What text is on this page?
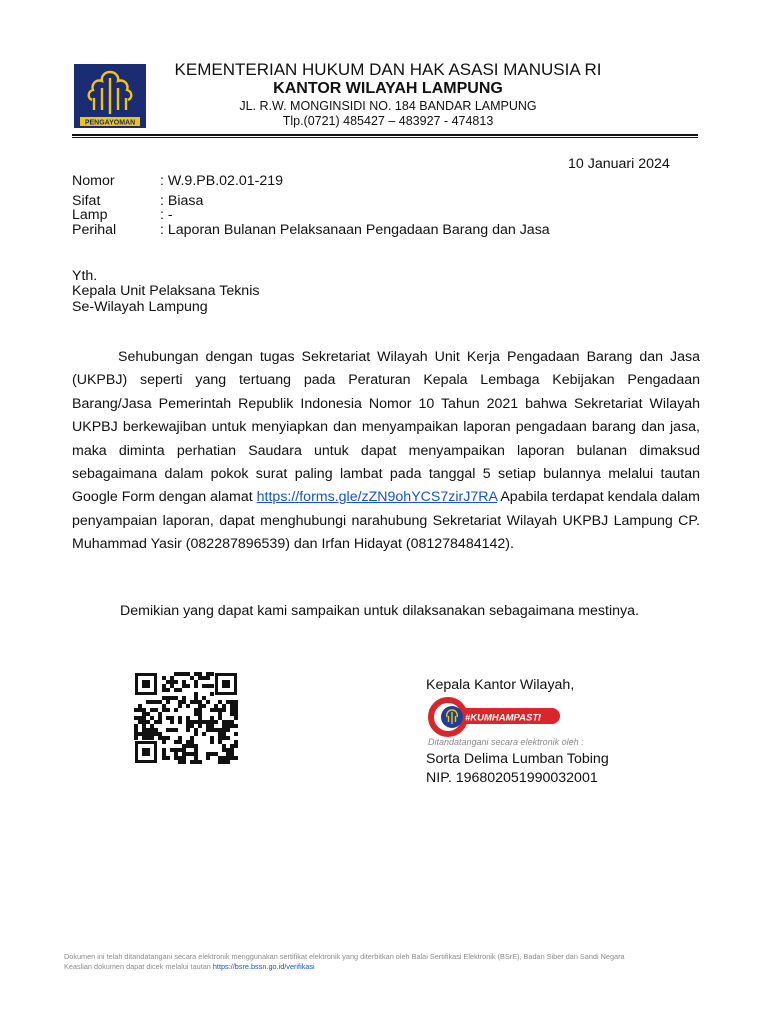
PENGAYOMAN
KEMENTERIAN HUKUM DAN HAK ASASI MANUSIA RI
KANTOR WILAYAH LAMPUNG
JL. R.W. MONGINSIDI NO. 184 BANDAR LAMPUNG
Tlp.(0721) 485427 – 483927 - 474813
10 Januari 2024
Nomor	: W.9.PB.02.01-219
Sifat	: Biasa
Lamp	: -
Perihal	: Laporan Bulanan Pelaksanaan Pengadaan Barang dan Jasa
Yth.
Kepala Unit Pelaksana Teknis
Se-Wilayah Lampung

Sehubungan dengan tugas Sekretariat Wilayah Unit Kerja Pengadaan Barang dan Jasa (UKPBJ) seperti yang tertuang pada Peraturan Kepala Lembaga Kebijakan Pengadaan Barang/Jasa Pemerintah Republik Indonesia Nomor 10 Tahun 2021 bahwa Sekretariat Wilayah UKPBJ berkewajiban untuk menyiapkan dan menyampaikan laporan pengadaan barang dan jasa, maka diminta perhatian Saudara untuk dapat menyampaikan laporan bulanan dimaksud sebagaimana dalam pokok surat paling lambat pada tanggal 5 setiap bulannya melalui tautan Google Form dengan alamat https://forms.gle/zZN9ohYCS7zirJ7RA Apabila terdapat kendala dalam penyampaian laporan, dapat menghubungi narahubung Sekretariat Wilayah UKPBJ Lampung CP. Muhammad Yasir (082287896539) dan Irfan Hidayat (081278484142).

Demikian yang dapat kami sampaikan untuk dilaksanakan sebagaimana mestinya.
Kepala Kantor Wilayah,
#KUMHAMPASTI
Ditandatangani secara elektronik oleh :
Sorta Delima Lumban Tobing
NIP. 196802051990032001
Dokumen ini telah ditandatangani secara elektronik menggunakan sertifikat elektronik yang diterbitkan oleh Balai Sertifikasi Elektronik (BSrE), Badan Siber dan Sandi Negara
Keaslian dokumen dapat dicek melalui tautan https://bsre.bssn.go.id/verifikasi
